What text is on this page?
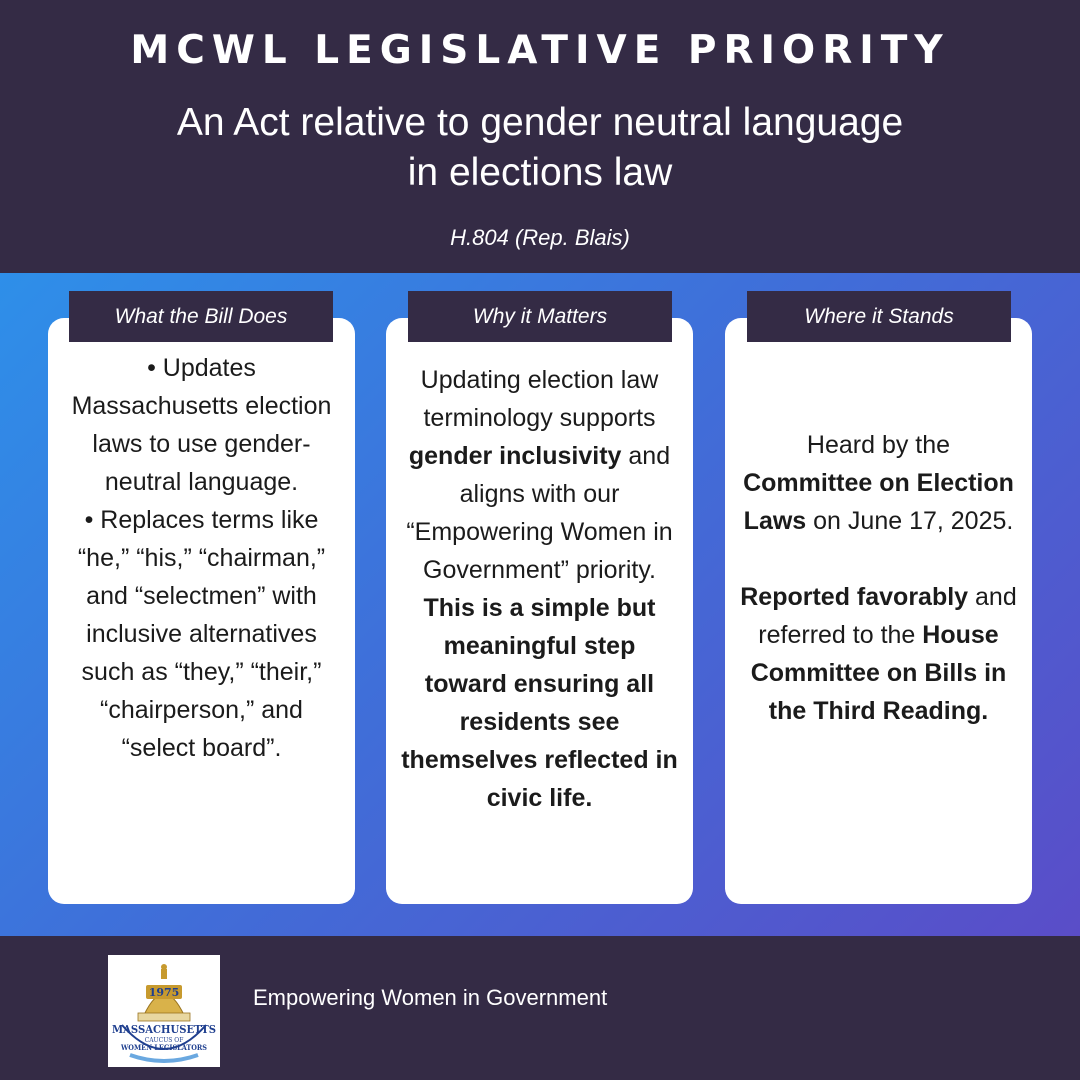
MCWL LEGISLATIVE PRIORITY
An Act relative to gender neutral language
in elections law
H.804 (Rep. Blais)

• Updates Massachusetts election laws to use gender-neutral language.

• Replaces terms like “he,” “his,” “chairman,” and “selectmen” with inclusive alternatives such as “they,” “their,” “chairperson,” and “select board”.

What the Bill Does

Updating election law terminology supports gender inclusivity and aligns with our “Empowering Women in Government” priority. This is a simple but meaningful step toward ensuring all residents see themselves reflected in civic life.

Why it Matters

Heard by the Committee on Election Laws on June 17, 2025.

Reported favorably and referred to the House Committee on Bills in the Third Reading.

Where it Stands
1975
MASSACHUSETTS
CAUCUS OF
WOMEN LEGISLATORS
Empowering Women in Government
